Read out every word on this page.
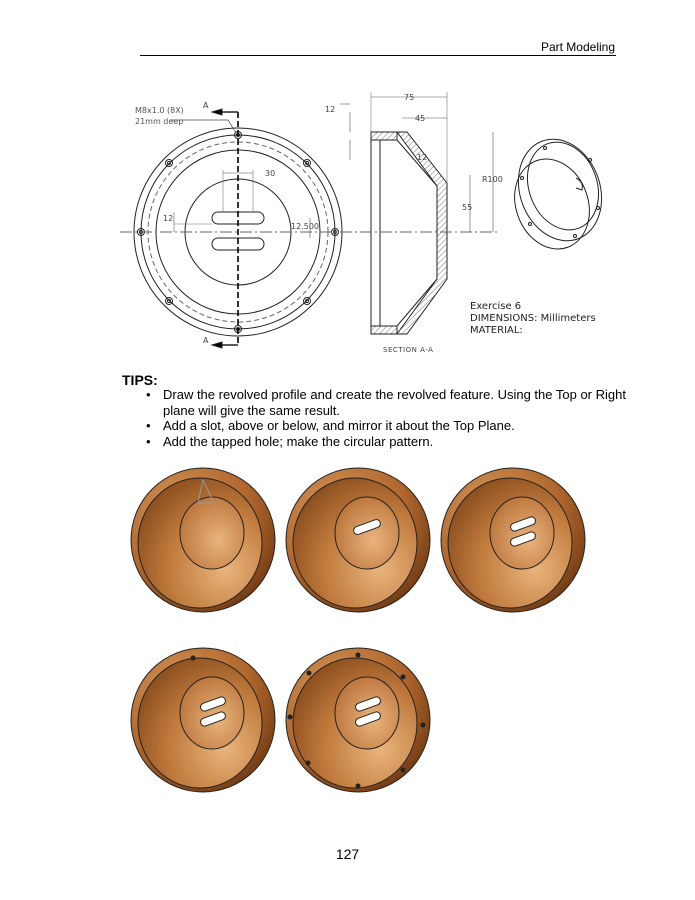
Part Modeling
M8x1.0 (8X)
21mm deep
A
A
30
12
12.500
75
45
12
12
R100
55
Exercise 6
DIMENSIONS: Millimeters
MATERIAL:
SECTION A-A
TIPS:
• Draw the revolved profile and create the revolved feature. Using the Top or Right plane will give the same result.
• Add a slot, above or below, and mirror it about the Top Plane.
• Add the tapped hole; make the circular pattern.
127
